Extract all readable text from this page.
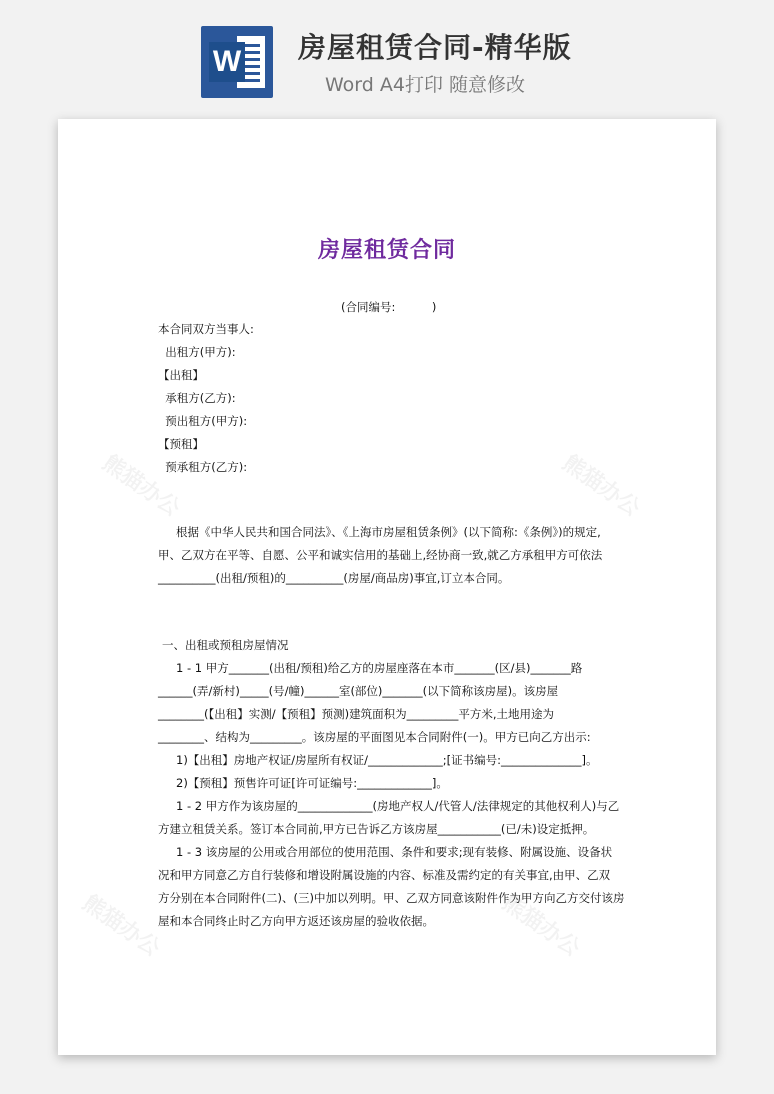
W 房屋租赁合同-精华版
Word A4打印 随意修改
熊猫办公	熊猫办公
熊猫办公	熊猫办公
房屋租赁合同
(合同编号:          )
本合同双方当事人:
出租方(甲方):
【出租】
承租方(乙方):
预出租方(甲方):
【预租】
预承租方(乙方):
根据《中华人民共和国合同法》、《上海市房屋租赁条例》(以下简称:《条例》)的规定,
甲、乙双方在平等、自愿、公平和诚实信用的基础上,经协商一致,就乙方承租甲方可依法
__________(出租/预租)的__________(房屋/商品房)事宜,订立本合同。
一、出租或预租房屋情况
1 - 1 甲方_______(出租/预租)给乙方的房屋座落在本市_______(区/县)_______路
______(弄/新村)_____(号/幢)______室(部位)_______(以下简称该房屋)。该房屋
________(【出租】实测/【预租】预测)建筑面积为_________平方米,土地用途为
________、结构为_________。该房屋的平面图见本合同附件(一)。甲方已向乙方出示:
1)【出租】房地产权证/房屋所有权证/_____________;[证书编号:______________]。
2)【预租】预售许可证[许可证编号:_____________]。
1 - 2 甲方作为该房屋的_____________(房地产权人/代管人/法律规定的其他权利人)与乙
方建立租赁关系。签订本合同前,甲方已告诉乙方该房屋___________(已/未)设定抵押。
1 - 3 该房屋的公用或合用部位的使用范围、条件和要求;现有装修、附属设施、设备状
况和甲方同意乙方自行装修和增设附属设施的内容、标准及需约定的有关事宜,由甲、乙双
方分别在本合同附件(二)、(三)中加以列明。甲、乙双方同意该附件作为甲方向乙方交付该房
屋和本合同终止时乙方向甲方返还该房屋的验收依据。
